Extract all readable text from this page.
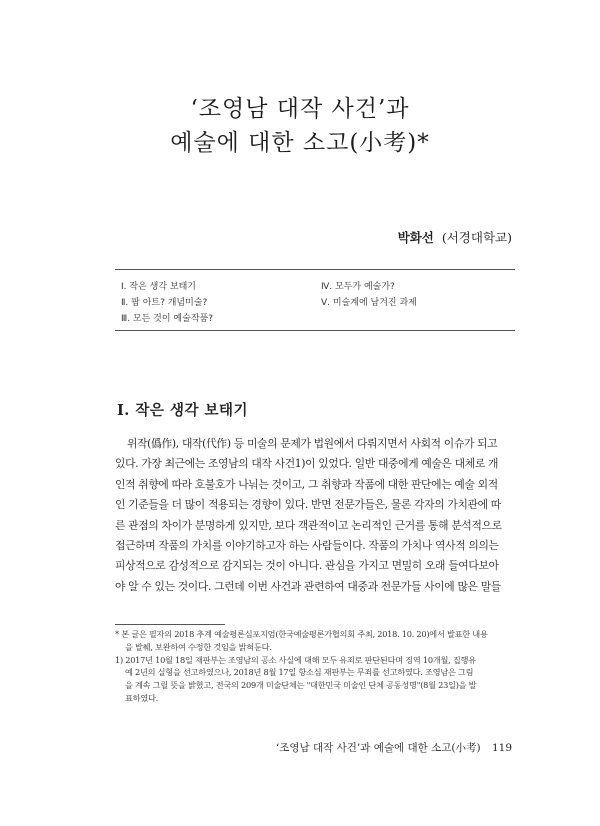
‘조영남 대작 사건’과
예술에 대한 소고(小考)*
박화선 (서경대학교)
Ⅰ. 작은 생각 보태기
Ⅱ. 팝 아트? 개념미술?
Ⅲ. 모든 것이 예술작품?
Ⅳ. 모두가 예술가?
Ⅴ. 미술계에 남겨진 과제
Ⅰ. 작은 생각 보태기
위작(僞作), 대작(代作) 등 미술의 문제가 법원에서 다뤄지면서 사회적 이슈가 되고
있다. 가장 최근에는 조영남의 대작 사건1)이 있었다. 일반 대중에게 예술은 대체로 개
인적 취향에 따라 호불호가 나눠는 것이고, 그 취향과 작품에 대한 판단에는 예술 외적
인 기준들을 더 많이 적용되는 경향이 있다. 반면 전문가들은, 물론 각자의 가치관에 따
른 관점의 차이가 분명하게 있지만, 보다 객관적이고 논리적인 근거를 통해 분석적으로
접근하며 작품의 가치를 이야기하고자 하는 사람들이다. 작품의 가치나 역사적 의의는
피상적으로 감성적으로 감지되는 것이 아니다. 관심을 가지고 면밀히 오래 들여다보아
야 알 수 있는 것이다. 그런데 이번 사건과 관련하여 대중과 전문가들 사이에 많은 말들
* 본 글은 필자의 2018 추계 예술평론심포지엄(한국예술평론가협의회 주최, 2018. 10. 20)에서 발표한 내용
을 발췌, 보완하여 수정한 것임을 밝혀둔다.
1) 2017년 10월 18일 재판부는 조영남의 공소 사실에 대해 모두 유죄로 판단된다며 징역 10개월, 집행유
예 2년의 실형을 선고하였으나, 2018년 8월 17일 항소심 재판부는 무죄를 선고하였다. 조영남은 그림
을 계속 그릴 뜻을 밝혔고, 전국의 209개 미술단체는 "대한민국 미술인 단체 공동성명"(8월 23일)을 발
표하였다.
‘조영남 대작 사건’과 예술에 대한 소고(小考) 119
